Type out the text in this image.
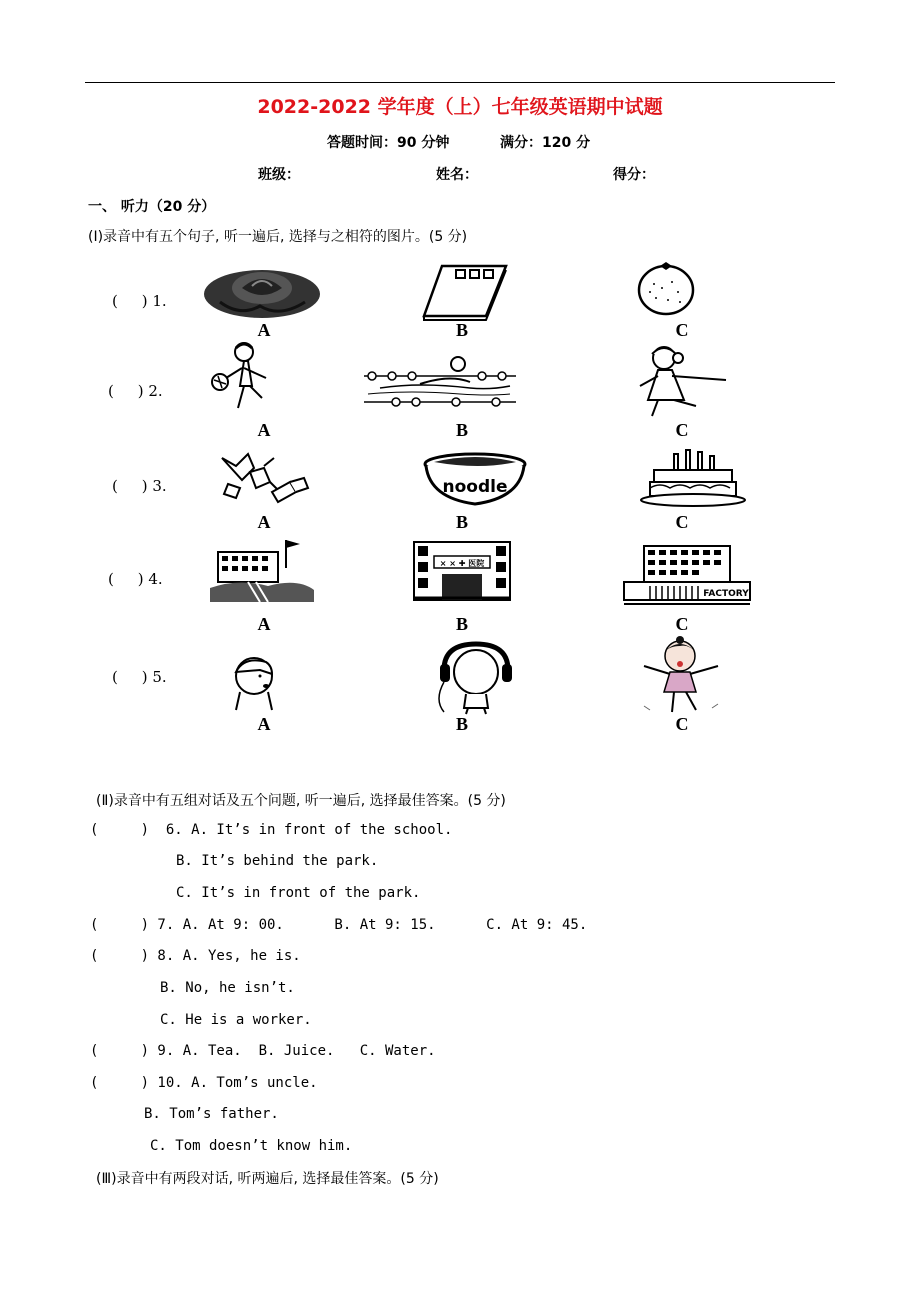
2022-2022 学年度（上）七年级英语期中试题
答题时间：90 分钟	满分：120 分
班级：	姓名：	得分：
一、 听力（20 分）
(Ⅰ)录音中有五个句子, 听一遍后, 选择与之相符的图片。(5 分)
(     ) 1.
(     ) 2.
(     ) 3.
(     ) 4.
(     ) 5.
A	B	C
A	B	C
noodle
A	B	C
× × ✚ 医院
FACTORY
A	B	C
A	B	C
(Ⅱ)录音中有五组对话及五个问题, 听一遍后, 选择最佳答案。(5 分)
(     )  6. A. It’s in front of the school.
B. It’s behind the park.
C. It’s in front of the park.
(     ) 7. A. At 9: 00.      B. At 9: 15.      C. At 9: 45.
(     ) 8. A. Yes, he is.
B. No, he isn’t.
C. He is a worker.
(     ) 9. A. Tea.  B. Juice.   C. Water.
(     ) 10. A. Tom’s uncle.
B. Tom’s father.
C. Tom doesn’t know him.
(Ⅲ)录音中有两段对话, 听两遍后, 选择最佳答案。(5 分)
